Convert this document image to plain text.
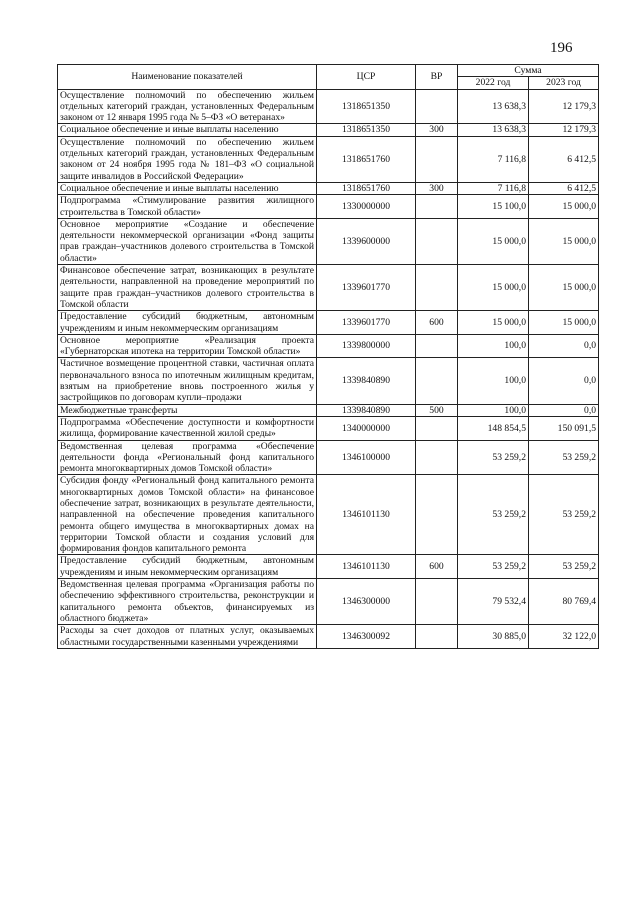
196
Наименование показателей	ЦСР	ВР	Сумма	
			2022 год	2023 год
Осуществление полномочий по обеспечению жильем отдельных категорий граждан, установленных Федеральным законом от 12 января 1995 года № 5–ФЗ «О ветеранах»	1318651350		13 638,3	12 179,3
Социальное обеспечение и иные выплаты населению	1318651350	300	13 638,3	12 179,3
Осуществление полномочий по обеспечению жильем отдельных категорий граждан, установленных Федеральным законом от 24 ноября 1995 года № 181–ФЗ «О социальной защите инвалидов в Российской Федерации»	1318651760		7 116,8	6 412,5
Социальное обеспечение и иные выплаты населению	1318651760	300	7 116,8	6 412,5
Подпрограмма «Стимулирование развития жилищного строительства в Томской области»	1330000000		15 100,0	15 000,0
Основное мероприятие «Создание и обеспечение деятельности некоммерческой организации «Фонд защиты прав граждан–участников долевого строительства в Томской области»	1339600000		15 000,0	15 000,0
Финансовое обеспечение затрат, возникающих в результате деятельности, направленной на проведение мероприятий по защите прав граждан–участников долевого строительства в Томской области	1339601770		15 000,0	15 000,0
Предоставление субсидий бюджетным, автономным учреждениям и иным некоммерческим организациям	1339601770	600	15 000,0	15 000,0
Основное мероприятие «Реализация проекта «Губернаторская ипотека на территории Томской области»	1339800000		100,0	0,0
Частичное возмещение процентной ставки, частичная оплата первоначального взноса по ипотечным жилищным кредитам, взятым на приобретение вновь построенного жилья у застройщиков по договорам купли–продажи	1339840890		100,0	0,0
Межбюджетные трансферты	1339840890	500	100,0	0,0
Подпрограмма «Обеспечение доступности и комфортности жилища, формирование качественной жилой среды»	1340000000		148 854,5	150 091,5
Ведомственная целевая программа «Обеспечение деятельности фонда «Региональный фонд капитального ремонта многоквартирных домов Томской области»	1346100000		53 259,2	53 259,2
Субсидия фонду «Региональный фонд капитального ремонта многоквартирных домов Томской области» на финансовое обеспечение затрат, возникающих в результате деятельности, направленной на обеспечение проведения капитального ремонта общего имущества в многоквартирных домах на территории Томской области и создания условий для формирования фондов капитального ремонта	1346101130		53 259,2	53 259,2
Предоставление субсидий бюджетным, автономным учреждениям и иным некоммерческим организациям	1346101130	600	53 259,2	53 259,2
Ведомственная целевая программа «Организация работы по обеспечению эффективного строительства, реконструкции и капитального ремонта объектов, финансируемых из областного бюджета»	1346300000		79 532,4	80 769,4
Расходы за счет доходов от платных услуг, оказываемых областными государственными казенными учреждениями	1346300092		30 885,0	32 122,0
